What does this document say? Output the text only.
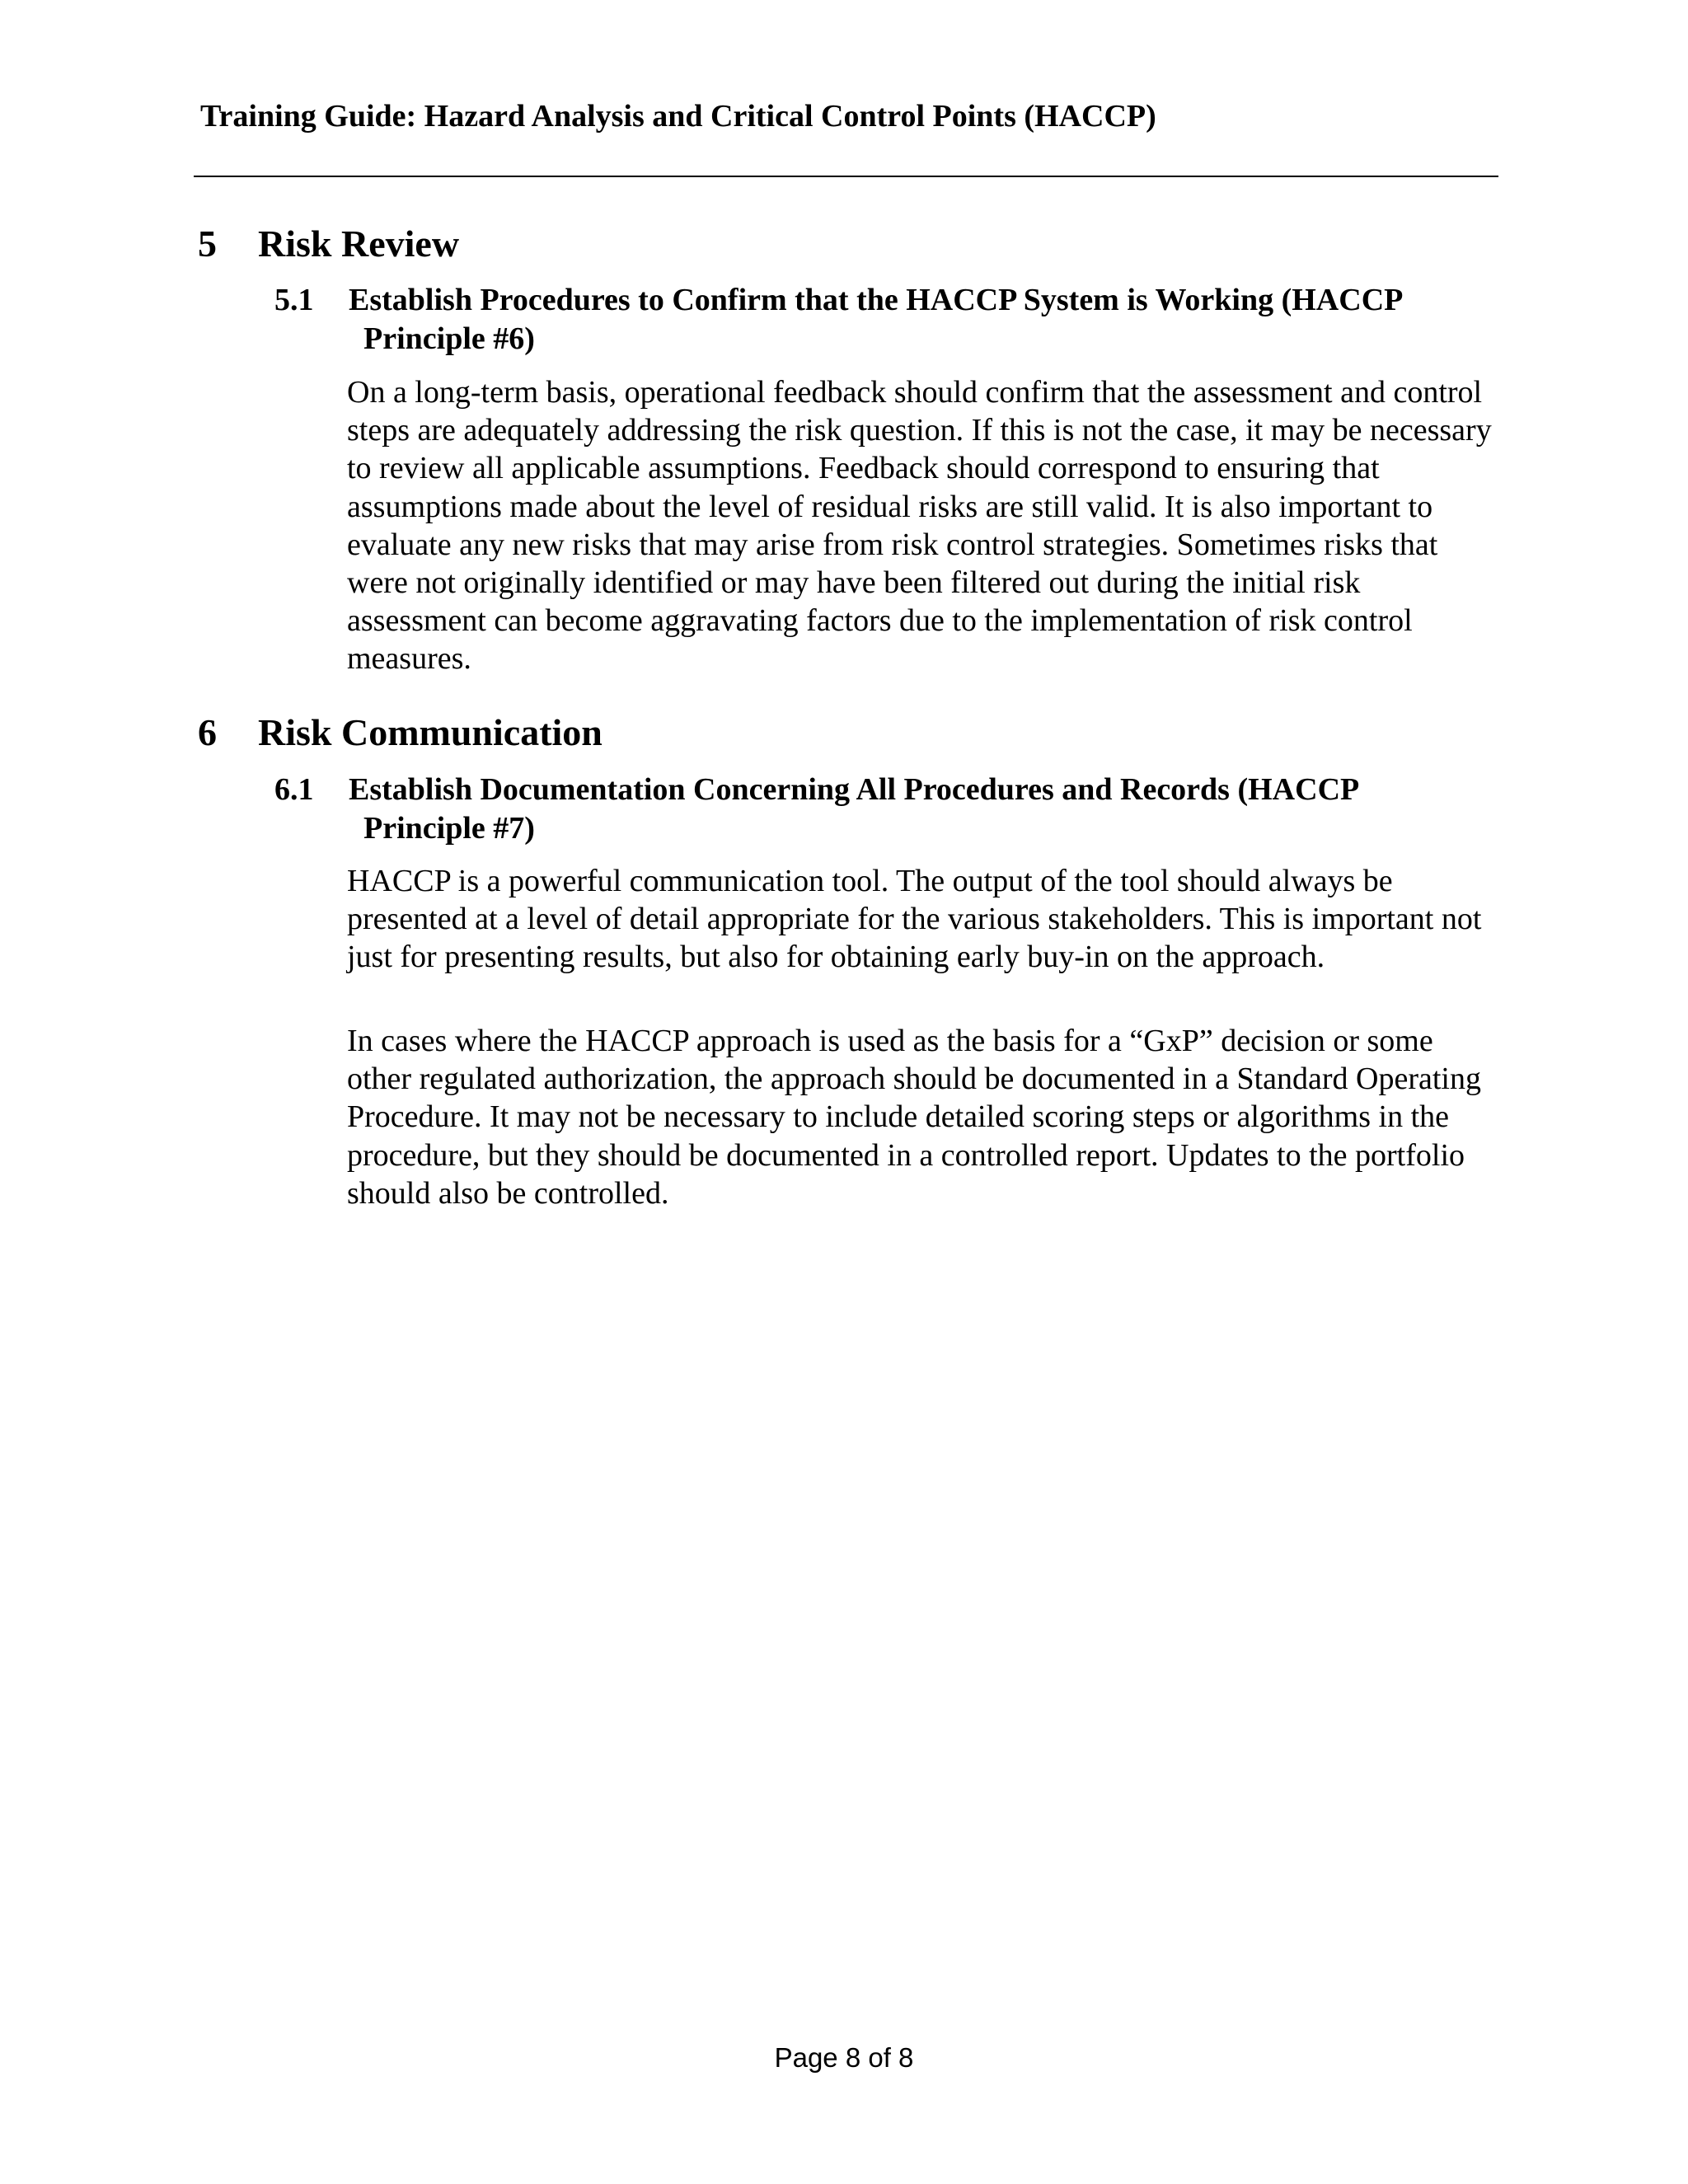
Training Guide: Hazard Analysis and Critical Control Points (HACCP)
5 Risk Review
5.1 Establish Procedures to Confirm that the HACCP System is Working (HACCP
Principle #6)

On a long-term basis, operational feedback should confirm that the assessment and control steps are adequately addressing the risk question. If this is not the case, it may be necessary to review all applicable assumptions. Feedback should correspond to ensuring that assumptions made about the level of residual risks are still valid. It is also important to evaluate any new risks that may arise from risk control strategies. Sometimes risks that were not originally identified or may have been filtered out during the initial risk assessment can become aggravating factors due to the implementation of risk control measures.

6 Risk Communication
6.1 Establish Documentation Concerning All Procedures and Records (HACCP
Principle #7)

HACCP is a powerful communication tool. The output of the tool should always be presented at a level of detail appropriate for the various stakeholders. This is important not just for presenting results, but also for obtaining early buy-in on the approach.

In cases where the HACCP approach is used as the basis for a “GxP” decision or some other regulated authorization, the approach should be documented in a Standard Operating Procedure. It may not be necessary to include detailed scoring steps or algorithms in the procedure, but they should be documented in a controlled report. Updates to the portfolio should also be controlled.

Page 8 of 8
